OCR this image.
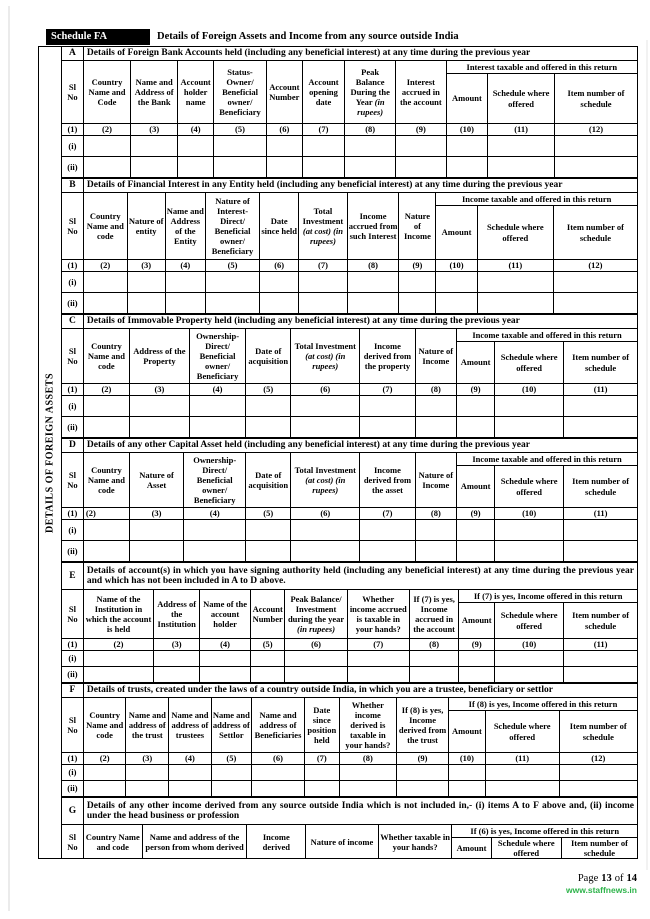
Schedule FA	Details of Foreign Assets and Income from any source outside India
DETAILS OF FOREIGN ASSETS
A	Details of Foreign Bank Accounts held (including any beneficial interest) at any time during the previous year										
Sl No	Country Name and Code	Name and Address of the Bank	Account holder name	Status- Owner/ Beneficial owner/ Beneficiary	Account Number	Account opening date	Peak Balance During the Year (in rupees)	Interest accrued in the account	Interest taxable and offered in this return		
									Amount	Schedule where offered	Item number of schedule
(1)	(2)	(3)	(4)	(5)	(6)	(7)	(8)	(9)	(10)	(11)	(12)
(i)											
(ii)											
B	Details of Financial Interest in any Entity held (including any beneficial interest) at any time during the previous year										
Sl No	Country Name and code	Nature of entity	Name and Address of the Entity	Nature of Interest- Direct/ Beneficial owner/ Beneficiary	Date since held	Total Investment (at cost) (in rupees)	Income accrued from such Interest	Nature of Income	Income taxable and offered in this return		
									Amount	Schedule where offered	Item number of schedule
(1)	(2)	(3)	(4)	(5)	(6)	(7)	(8)	(9)	(10)	(11)	(12)
(i)											
(ii)											
C	Details of Immovable Property held (including any beneficial interest) at any time during the previous year									
Sl No	Country Name and code	Address of the Property	Ownership- Direct/ Beneficial owner/ Beneficiary	Date of acquisition	Total Investment (at cost) (in rupees)	Income derived from the property	Nature of Income	Income taxable and offered in this return		
								Amount	Schedule where offered	Item number of schedule
(1)	(2)	(3)	(4)	(5)	(6)	(7)	(8)	(9)	(10)	(11)
(i)										
(ii)										
D	Details of any other Capital Asset held (including any beneficial interest) at any time during the previous year									
Sl No	Country Name and code	Nature of Asset	Ownership- Direct/ Beneficial owner/ Beneficiary	Date of acquisition	Total Investment (at cost) (in rupees)	Income derived from the asset	Nature of Income	Income taxable and offered in this return		
								Amount	Schedule where offered	Item number of schedule
(1)	(2)	(3)	(4)	(5)	(6)	(7)	(8)	(9)	(10)	(11)
(i)										
(ii)										
E	Details of account(s) in which you have signing authority held (including any beneficial interest) at any time during the previous year and which has not been included in A to D above.									
Sl No	Name of the Institution in which the account is held	Address of the Institution	Name of the account holder	Account Number	Peak Balance/ Investment during the year (in rupees)	Whether income accrued is taxable in your hands?	If (7) is yes, Income accrued in the account	If (7) is yes, Income offered in this return		
								Amount	Schedule where offered	Item number of schedule
(1)	(2)	(3)	(4)	(5)	(6)	(7)	(8)	(9)	(10)	(11)
(i)										
(ii)										
F	Details of trusts, created under the laws of a country outside India, in which you are a trustee, beneficiary or settlor										
Sl No	Country Name and code	Name and address of the trust	Name and address of trustees	Name and address of Settlor	Name and address of Beneficiaries	Date since position held	Whether income derived is taxable in your hands?	If (8) is yes, Income derived from the trust	If (8) is yes, Income offered in this return		
									Amount	Schedule where offered	Item number of schedule
(1)	(2)	(3)	(4)	(5)	(6)	(7)	(8)	(9)	(10)	(11)	(12)
(i)											
(ii)											
G	Details of any other income derived from any source outside India which is not included in,- (i) items A to F above and, (ii) income under the head business or profession							
Sl No	Country Name and code	Name and address of the person from whom derived	Income derived	Nature of income	Whether taxable in your hands?	If (6) is yes, Income offered in this return		
						Amount	Schedule where offered	Item number of schedule
Page 13 of 14
www.staffnews.in
